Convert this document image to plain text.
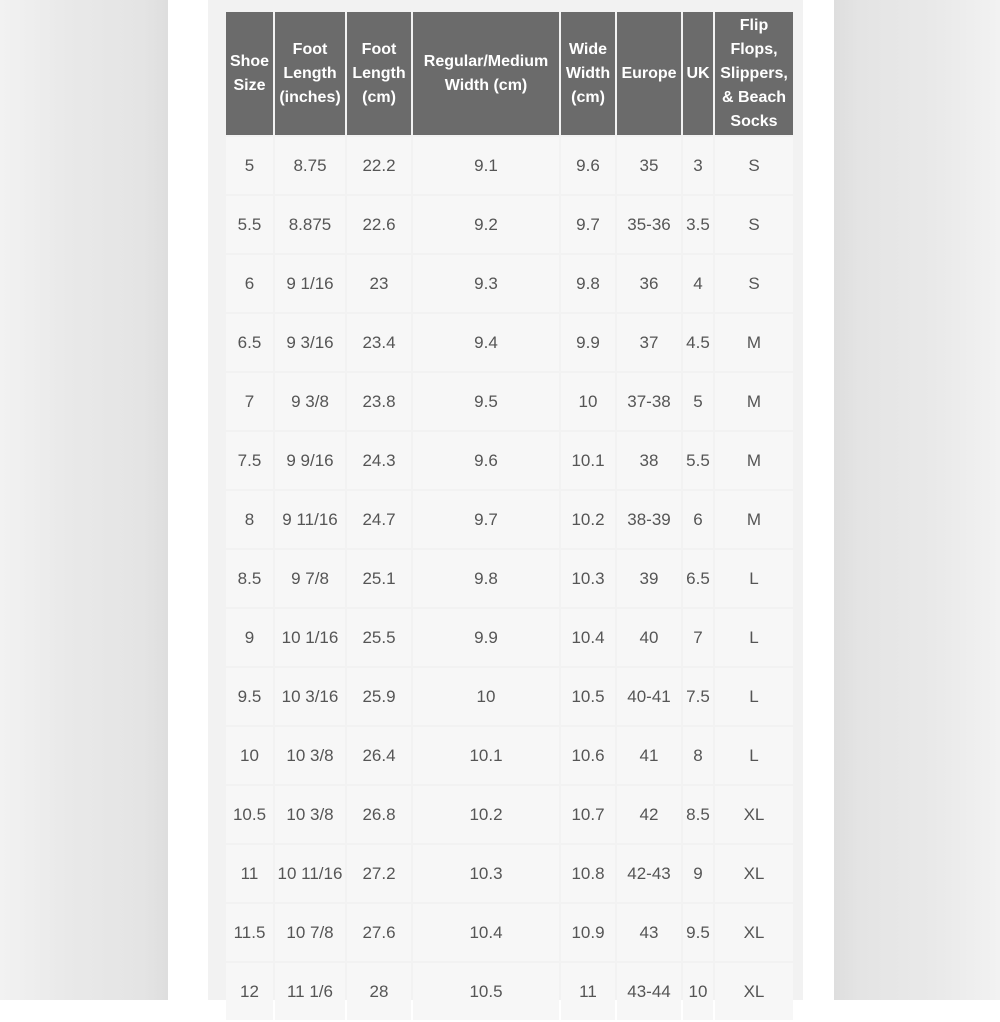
Shoe Size	Foot Length (inches)	Foot Length (cm)	Regular/Medium Width (cm)	Wide Width (cm)	Europe	UK	Flip Flops, Slippers, & Beach Socks
5	8.75	22.2	9.1	9.6	35	3	S
5.5	8.875	22.6	9.2	9.7	35-36	3.5	S
6	9 1/16	23	9.3	9.8	36	4	S
6.5	9 3/16	23.4	9.4	9.9	37	4.5	M
7	9 3/8	23.8	9.5	10	37-38	5	M
7.5	9 9/16	24.3	9.6	10.1	38	5.5	M
8	9 11/16	24.7	9.7	10.2	38-39	6	M
8.5	9 7/8	25.1	9.8	10.3	39	6.5	L
9	10 1/16	25.5	9.9	10.4	40	7	L
9.5	10 3/16	25.9	10	10.5	40-41	7.5	L
10	10 3/8	26.4	10.1	10.6	41	8	L
10.5	10 3/8	26.8	10.2	10.7	42	8.5	XL
11	10 11/16	27.2	10.3	10.8	42-43	9	XL
11.5	10 7/8	27.6	10.4	10.9	43	9.5	XL
12	11 1/6	28	10.5	11	43-44	10	XL
